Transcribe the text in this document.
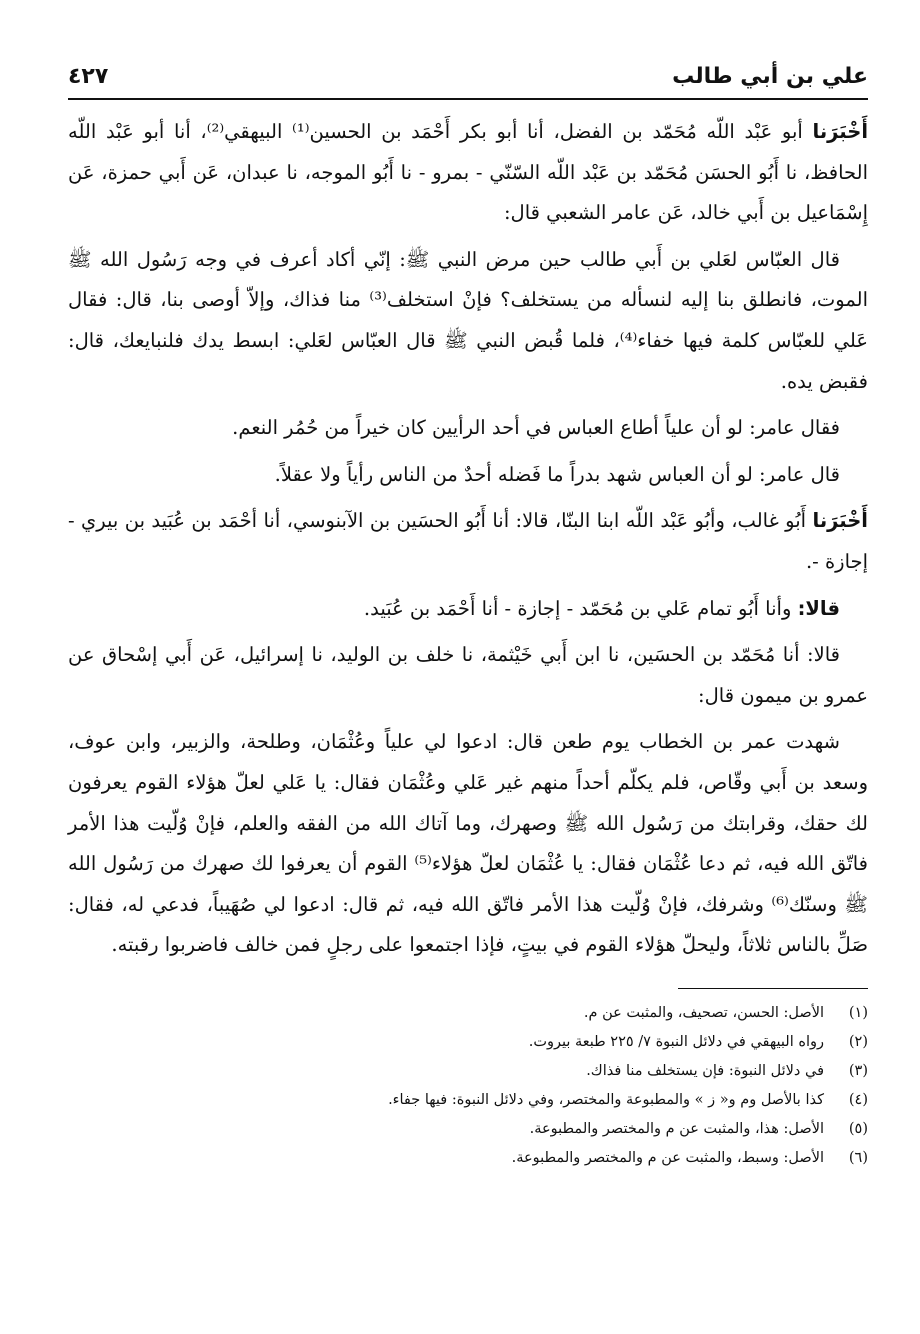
علي بن أبي طالب
٤٢٧

أَخْبَرَنا أبو عَبْد اللّه مُحَمّد بن الفضل، أنا أبو بكر أَحْمَد بن الحسين⁽¹⁾ البيهقي⁽²⁾، أنا أبو عَبْد اللّه الحافظ، نا أَبُو الحسَن مُحَمّد بن عَبْد اللّه السّنّي - بمرو - نا أَبُو الموجه، نا عبدان، عَن أَبي حمزة، عَن إِسْمَاعيل بن أَبي خالد، عَن عامر الشعبي قال:

قال العبّاس لعَلي بن أَبي طالب حين مرض النبي ﷺ: إنّي أكاد أعرف في وجه رَسُول الله ﷺ الموت، فانطلق بنا إليه لنسأله من يستخلف؟ فإنْ استخلف⁽³⁾ منا فذاك، وإلاّ أوصى بنا، قال: فقال عَلي للعبّاس كلمة فيها خفاء⁽⁴⁾، فلما قُبض النبي ﷺ قال العبّاس لعَلي: ابسط يدك فلنبايعك، قال: فقبض يده.

فقال عامر: لو أن علياً أطاع العباس في أحد الرأيين كان خيراً من حُمُر النعم.

قال عامر: لو أن العباس شهد بدراً ما فَضله أحدٌ من الناس رأياً ولا عقلاً.

أَخْبَرَنا أَبُو غالب، وأبُو عَبْد اللّه ابنا البنّا، قالا: أنا أَبُو الحسَين بن الآبنوسي، أنا أحْمَد بن عُبَيد بن بيري - إجازة -.

قالا: وأنا أَبُو تمام عَلي بن مُحَمّد - إجازة - أنا أَحْمَد بن عُبَيد.

قالا: أنا مُحَمّد بن الحسَين، نا ابن أَبي خَيْثمة، نا خلف بن الوليد، نا إسرائيل، عَن أَبي إسْحاق عن عمرو بن ميمون قال:

شهدت عمر بن الخطاب يوم طعن قال: ادعوا لي علياً وعُثْمَان، وطلحة، والزبير، وابن عوف، وسعد بن أَبي وقّاص، فلم يكلّم أحداً منهم غير عَلي وعُثْمَان فقال: يا عَلي لعلّ هؤلاء القوم يعرفون لك حقك، وقرابتك من رَسُول الله ﷺ وصهرك، وما آتاك الله من الفقه والعلم، فإنْ وُلّيت هذا الأمر فاتّق الله فيه، ثم دعا عُثْمَان فقال: يا عُثْمَان لعلّ هؤلاء⁽⁵⁾ القوم أن يعرفوا لك صهرك من رَسُول الله ﷺ وسنّك⁽⁶⁾ وشرفك، فإنْ وُلّيت هذا الأمر فاتّق الله فيه، ثم قال: ادعوا لي صُهَيباً، فدعي له، فقال: صَلِّ بالناس ثلاثاً، وليحلّ هؤلاء القوم في بيتٍ، فإذا اجتمعوا على رجلٍ فمن خالف فاضربوا رقبته.

(١)
الأصل: الحسن، تصحيف، والمثبت عن م.
(٢)
رواه البيهقي في دلائل النبوة ٧/ ٢٢٥ طبعة بيروت.
(٣)
في دلائل النبوة: فإن يستخلف منا فذاك.
(٤)
كذا بالأصل وم و« ز » والمطبوعة والمختصر، وفي دلائل النبوة: فيها جفاء.
(٥)
الأصل: هذا، والمثبت عن م والمختصر والمطبوعة.
(٦)
الأصل: وسبط، والمثبت عن م والمختصر والمطبوعة.
